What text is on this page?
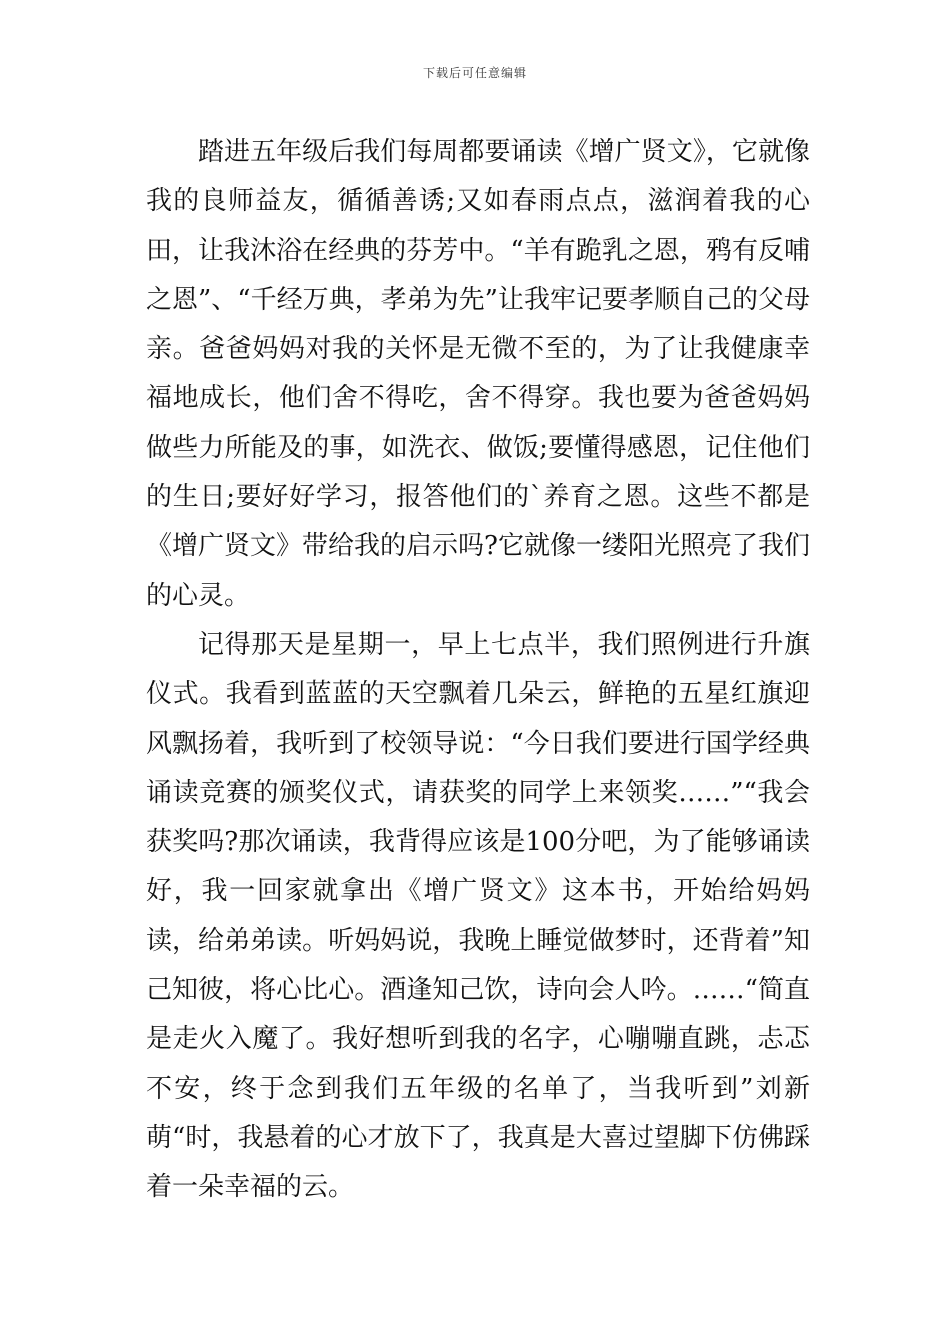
下载后可任意编辑

踏进五年级后我们每周都要诵读《增广贤文》，它就像我的良师益友，循循善诱;又如春雨点点，滋润着我的心田，让我沐浴在经典的芬芳中。“羊有跪乳之恩，鸦有反哺之恩”、“千经万典，孝弟为先”让我牢记要孝顺自己的父母亲。爸爸妈妈对我的关怀是无微不至的，为了让我健康幸福地成长，他们舍不得吃，舍不得穿。我也要为爸爸妈妈做些力所能及的事，如洗衣、做饭;要懂得感恩，记住他们的生日;要好好学习，报答他们的`养育之恩。这些不都是《增广贤文》带给我的启示吗?它就像一缕阳光照亮了我们的心灵。

记得那天是星期一，早上七点半，我们照例进行升旗仪式。我看到蓝蓝的天空飘着几朵云，鲜艳的五星红旗迎风飘扬着，我听到了校领导说：“今日我们要进行国学经典诵读竞赛的颁奖仪式，请获奖的同学上来领奖……”“我会获奖吗?那次诵读，我背得应该是100分吧，为了能够诵读好，我一回家就拿出《增广贤文》这本书，开始给妈妈读，给弟弟读。听妈妈说，我晚上睡觉做梦时，还背着”知己知彼，将心比心。酒逢知己饮，诗向会人吟。……“简直是走火入魔了。我好想听到我的名字，心嘣嘣直跳，忐忑不安，终于念到我们五年级的名单了，当我听到”刘新萌“时，我悬着的心才放下了，我真是大喜过望脚下仿佛踩着一朵幸福的云。
